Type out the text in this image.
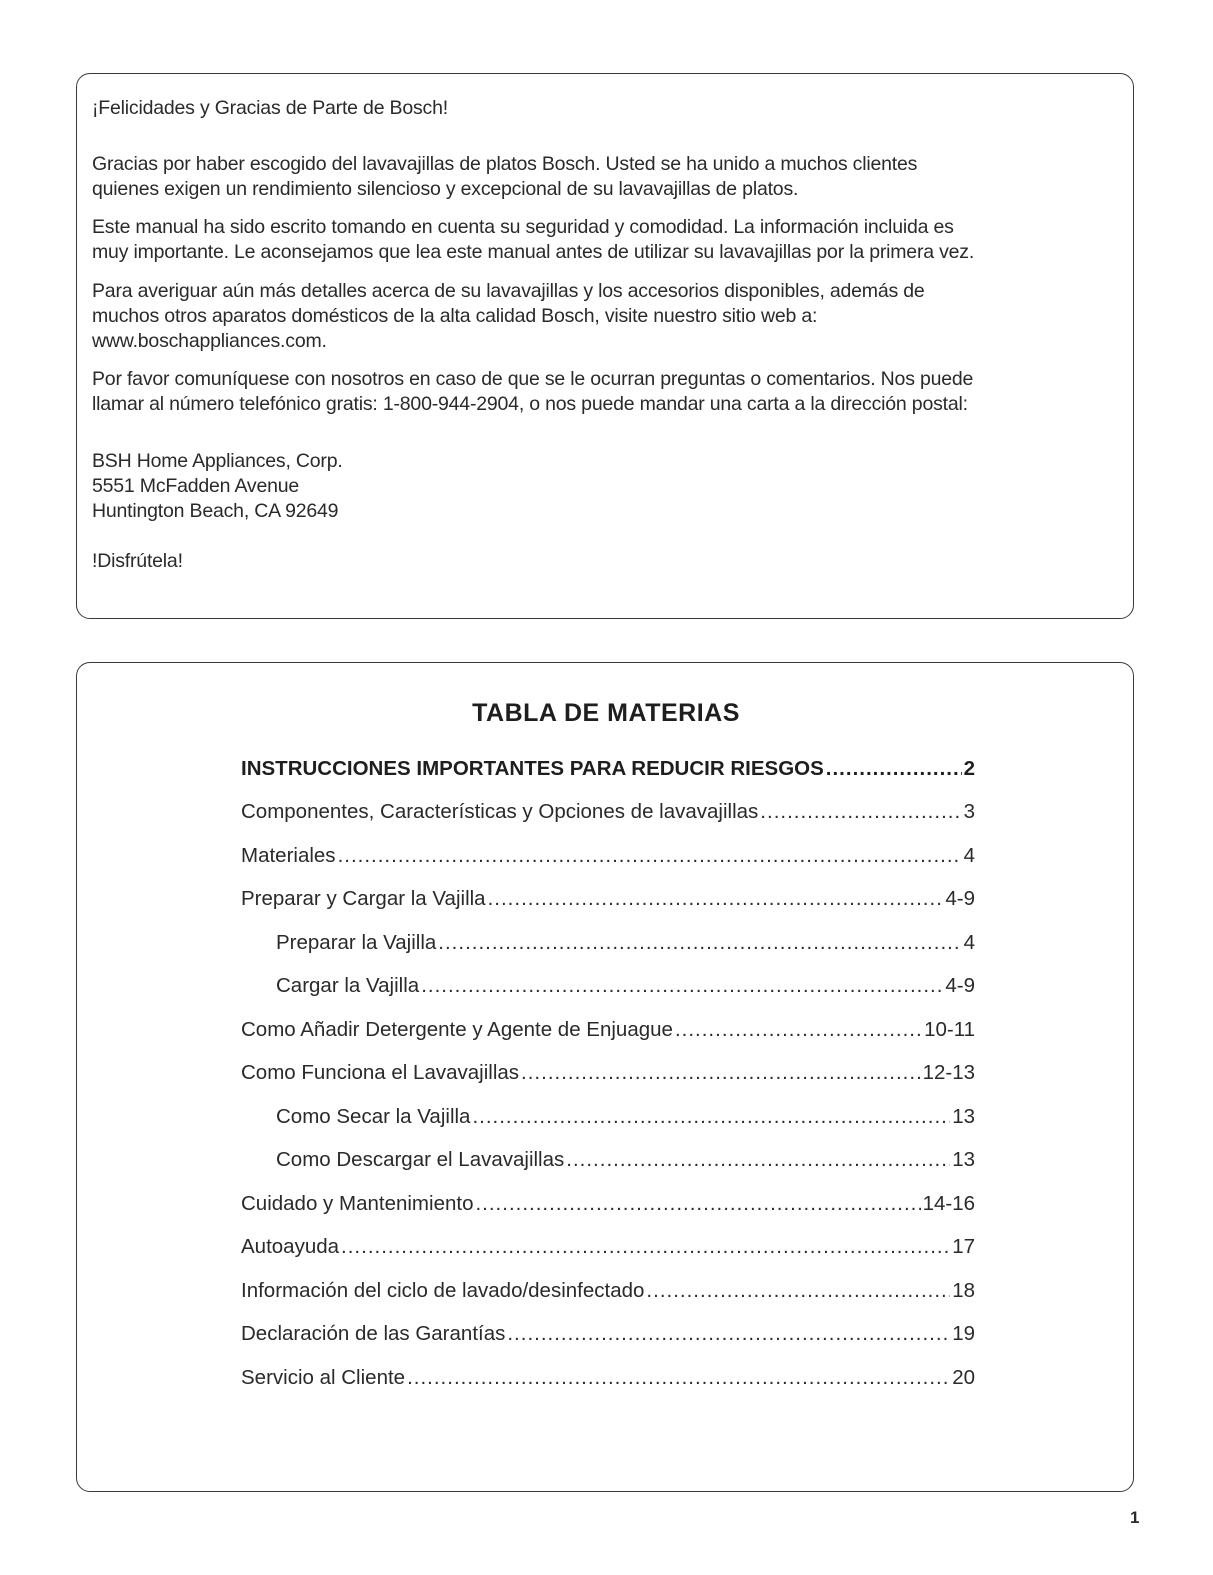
¡Felicidades y Gracias de Parte de Bosch!

Gracias por haber escogido del lavavajillas de platos Bosch. Usted se ha unido a muchos clientes

quienes exigen un rendimiento silencioso y excepcional de su lavavajillas de platos.

Este manual ha sido escrito tomando en cuenta su seguridad y comodidad. La información incluida es

muy importante. Le aconsejamos que lea este manual antes de utilizar su lavavajillas por la primera vez.

Para averiguar aún más detalles acerca de su lavavajillas y los accesorios disponibles, además de

muchos otros aparatos domésticos de la alta calidad Bosch, visite nuestro sitio web a:

www.boschappliances.com.

Por favor comuníquese con nosotros en caso de que se le ocurran preguntas o comentarios. Nos puede

llamar al número telefónico gratis: 1-800-944-2904, o nos puede mandar una carta a la dirección postal:

BSH Home Appliances, Corp.

5551 McFadden Avenue

Huntington Beach, CA 92649

!Disfrútela!

TABLA DE MATERIAS
INSTRUCCIONES IMPORTANTES PARA REDUCIR RIESGOS .....	2
Componentes, Características y Opciones de lavavajillas .....	3
Materiales .....	4
Preparar y Cargar la Vajilla .....	4-9
Preparar la Vajilla .....	4
Cargar la Vajilla .....	4-9
Como Añadir Detergente y Agente de Enjuague .....	10-11
Como Funciona el Lavavajillas .....	12-13
Como Secar la Vajilla .....	13
Como Descargar el Lavavajillas .....	13
Cuidado y Mantenimiento .....	14-16
Autoayuda .....	17
Información del ciclo de lavado/desinfectado .....	18
Declaración de las Garantías .....	19
Servicio al Cliente .....	20
1
